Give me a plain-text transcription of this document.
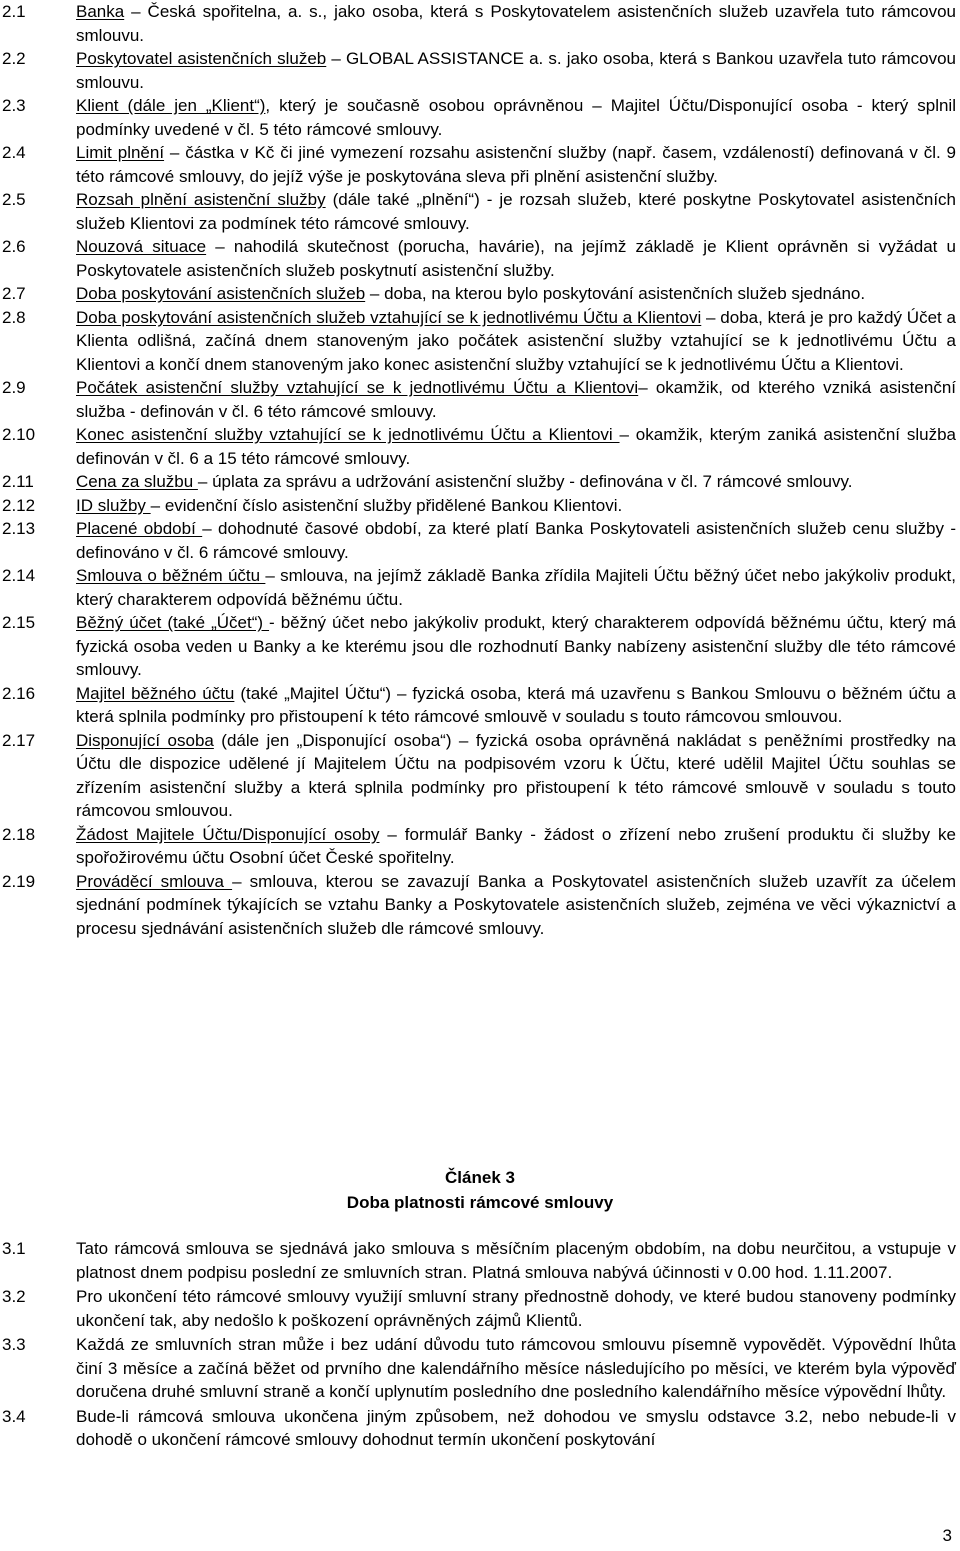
2.1	Banka – Česká spořitelna, a. s., jako osoba, která s Poskytovatelem asistenčních služeb uzavřela tuto rámcovou smlouvu.
2.2	Poskytovatel asistenčních služeb – GLOBAL ASSISTANCE a. s. jako osoba, která s Bankou uzavřela tuto rámcovou smlouvu.
2.3	Klient (dále jen „Klient“), který je současně osobou oprávněnou – Majitel Účtu/Disponující osoba - který splnil podmínky uvedené v čl. 5 této rámcové smlouvy.
2.4	Limit plnění – částka v Kč či jiné vymezení rozsahu asistenční služby (např. časem, vzdáleností) definovaná v čl. 9 této rámcové smlouvy, do jejíž výše je poskytována sleva při plnění asistenční služby.
2.5	Rozsah plnění asistenční služby (dále také „plnění“) - je rozsah služeb, které poskytne Poskytovatel asistenčních služeb Klientovi za podmínek této rámcové smlouvy.
2.6	Nouzová situace – nahodilá skutečnost (porucha, havárie), na jejímž základě je Klient oprávněn si vyžádat u Poskytovatele asistenčních služeb poskytnutí asistenční služby.
2.7	Doba poskytování asistenčních služeb – doba, na kterou bylo poskytování asistenčních služeb sjednáno.
2.8	Doba poskytování asistenčních služeb vztahující se k jednotlivému Účtu a Klientovi – doba, která je pro každý Účet a Klienta odlišná, začíná dnem stanoveným jako počátek asistenční služby vztahující se k jednotlivému Účtu a Klientovi a končí dnem stanoveným jako konec asistenční služby vztahující se k jednotlivému Účtu a Klientovi.
2.9	Počátek asistenční služby vztahující se k jednotlivému Účtu a Klientovi– okamžik, od kterého vzniká asistenční služba - definován v čl. 6 této rámcové smlouvy.
2.10 Konec asistenční služby vztahující se k jednotlivému Účtu a Klientovi – okamžik, kterým zaniká asistenční služba definován v čl. 6 a 15 této rámcové smlouvy.
2.11 Cena za službu – úplata za správu a udržování asistenční služby - definována v čl. 7 rámcové smlouvy.
2.12 ID služby – evidenční číslo asistenční služby přidělené Bankou Klientovi.
2.13 Placené období – dohodnuté časové období, za které platí Banka Poskytovateli asistenčních služeb cenu služby - definováno v čl. 6 rámcové smlouvy.
2.14 Smlouva o běžném účtu – smlouva, na jejímž základě Banka zřídila Majiteli Účtu běžný účet nebo jakýkoliv produkt, který charakterem odpovídá běžnému účtu.
2.15 Běžný účet (také „Účet“) - běžný účet nebo jakýkoliv produkt, který charakterem odpovídá běžnému účtu, který má fyzická osoba veden u Banky a ke kterému jsou dle rozhodnutí Banky nabízeny asistenční služby dle této rámcové smlouvy.
2.16 Majitel běžného účtu (také „Majitel Účtu“) – fyzická osoba, která má uzavřenu s Bankou Smlouvu o běžném účtu a která splnila podmínky pro přistoupení k této rámcové smlouvě v souladu s touto rámcovou smlouvou.
2.17 Disponující osoba (dále jen „Disponující osoba“) – fyzická osoba oprávněná nakládat s peněžními prostředky na Účtu dle dispozice udělené jí Majitelem Účtu na podpisovém vzoru k Účtu, které udělil Majitel Účtu souhlas se zřízením asistenční služby a která splnila podmínky pro přistoupení k této rámcové smlouvě v souladu s touto rámcovou smlouvou.
2.18 Žádost Majitele Účtu/Disponující osoby – formulář Banky - žádost o zřízení nebo zrušení produktu či služby ke spořožirovému účtu Osobní účet České spořitelny.
2.19 Prováděcí smlouva – smlouva, kterou se zavazují Banka a Poskytovatel asistenčních služeb uzavřít za účelem sjednání podmínek týkajících se vztahu Banky a Poskytovatele asistenčních služeb, zejména ve věci výkaznictví a procesu sjednávání asistenčních služeb dle rámcové smlouvy.
Článek 3
Doba platnosti rámcové smlouvy
3.1	Tato rámcová smlouva se sjednává jako smlouva s měsíčním placeným obdobím, na dobu neurčitou, a vstupuje v platnost dnem podpisu poslední ze smluvních stran. Platná smlouva nabývá účinnosti v 0.00 hod. 1.11.2007.
3.2	Pro ukončení této rámcové smlouvy využijí smluvní strany přednostně dohody, ve které budou stanoveny podmínky ukončení tak, aby nedošlo k poškození oprávněných zájmů Klientů.
3.3	Každá ze smluvních stran může i bez udání důvodu tuto rámcovou smlouvu písemně vypovědět. Výpovědní lhůta činí 3 měsíce a začíná běžet od prvního dne kalendářního měsíce následujícího po měsíci, ve kterém byla výpověď doručena druhé smluvní straně a končí uplynutím posledního dne posledního kalendářního měsíce výpovědní lhůty.
3.4	Bude-li rámcová smlouva ukončena jiným způsobem, než dohodou ve smyslu odstavce 3.2, nebo nebude-li v dohodě o ukončení rámcové smlouvy dohodnut termín ukončení poskytování
3
